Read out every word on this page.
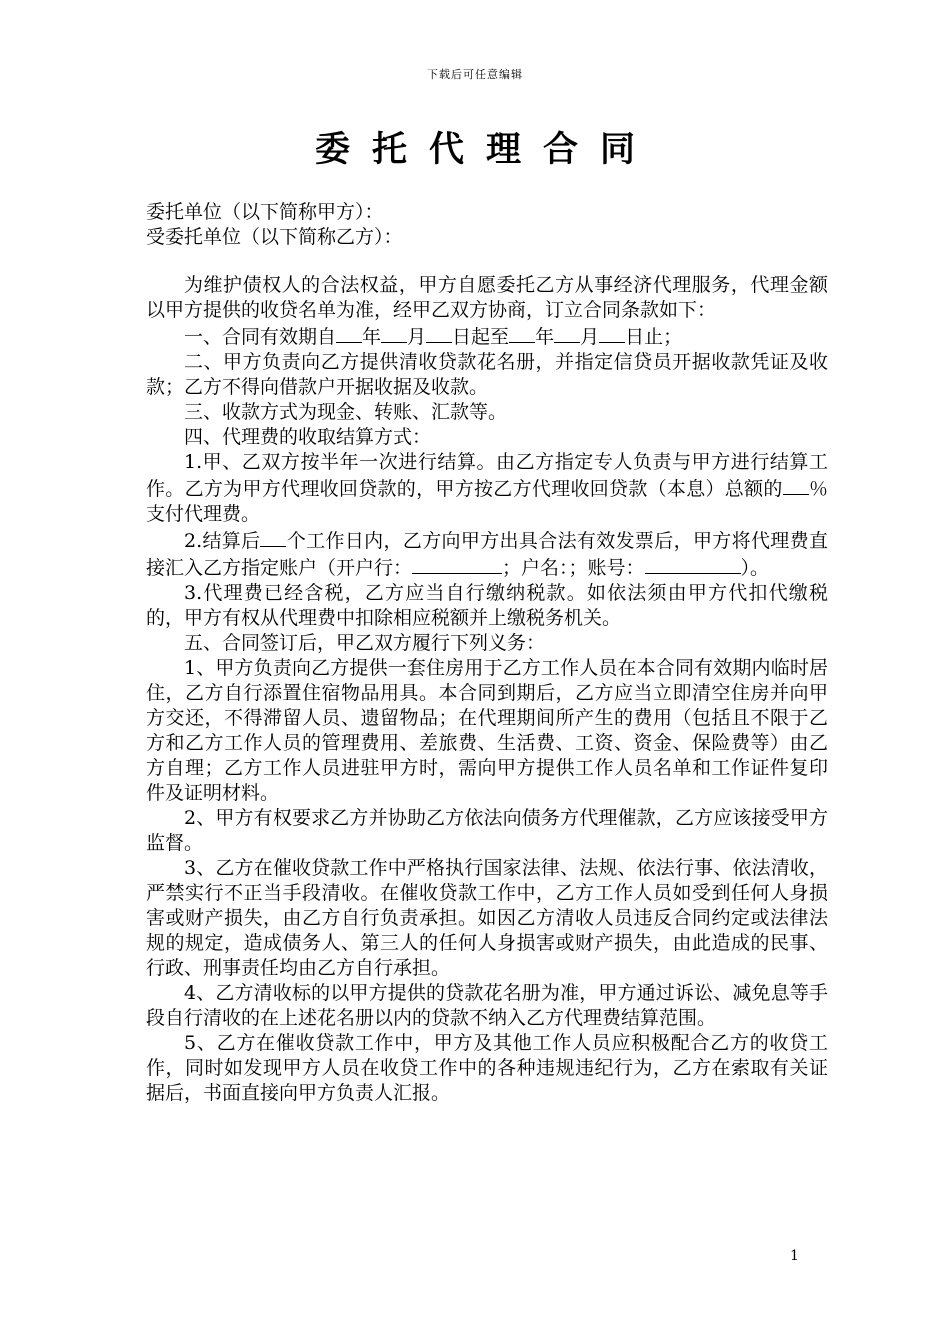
下载后可任意编辑
委托代理合同
委托单位（以下简称甲方）：
受委托单位（以下简称乙方）：

为维护债权人的合法权益，甲方自愿委托乙方从事经济代理服务，代理金额以甲方提供的收贷名单为准，经甲乙双方协商，订立合同条款如下：

一、合同有效期自 年 月 日起至 年 月 日止；

二、甲方负责向乙方提供清收贷款花名册，并指定信贷员开据收款凭证及收款；乙方不得向借款户开据收据及收款。

三、收款方式为现金、转账、汇款等。

四、代理费的收取结算方式：

1.甲、乙双方按半年一次进行结算。由乙方指定专人负责与甲方进行结算工作。乙方为甲方代理收回贷款的，甲方按乙方代理收回贷款（本息）总额的 ％支付代理费。

2.结算后 个工作日内，乙方向甲方出具合法有效发票后，甲方将代理费直接汇入乙方指定账户（开户行：	；户名：；账号：	）。

3.代理费已经含税，乙方应当自行缴纳税款。如依法须由甲方代扣代缴税的，甲方有权从代理费中扣除相应税额并上缴税务机关。

五、合同签订后，甲乙双方履行下列义务：

1、甲方负责向乙方提供一套住房用于乙方工作人员在本合同有效期内临时居住，乙方自行添置住宿物品用具。本合同到期后，乙方应当立即清空住房并向甲方交还，不得滞留人员、遗留物品；在代理期间所产生的费用（包括且不限于乙方和乙方工作人员的管理费用、差旅费、生活费、工资、资金、保险费等）由乙方自理；乙方工作人员进驻甲方时，需向甲方提供工作人员名单和工作证件复印件及证明材料。

2、甲方有权要求乙方并协助乙方依法向债务方代理催款，乙方应该接受甲方监督。

3、乙方在催收贷款工作中严格执行国家法律、法规、依法行事、依法清收，严禁实行不正当手段清收。在催收贷款工作中，乙方工作人员如受到任何人身损害或财产损失，由乙方自行负责承担。如因乙方清收人员违反合同约定或法律法规的规定，造成债务人、第三人的任何人身损害或财产损失，由此造成的民事、行政、刑事责任均由乙方自行承担。

4、乙方清收标的以甲方提供的贷款花名册为准，甲方通过诉讼、减免息等手段自行清收的在上述花名册以内的贷款不纳入乙方代理费结算范围。

5、乙方在催收贷款工作中，甲方及其他工作人员应积极配合乙方的收贷工作，同时如发现甲方人员在收贷工作中的各种违规违纪行为，乙方在索取有关证据后，书面直接向甲方负责人汇报。

1
